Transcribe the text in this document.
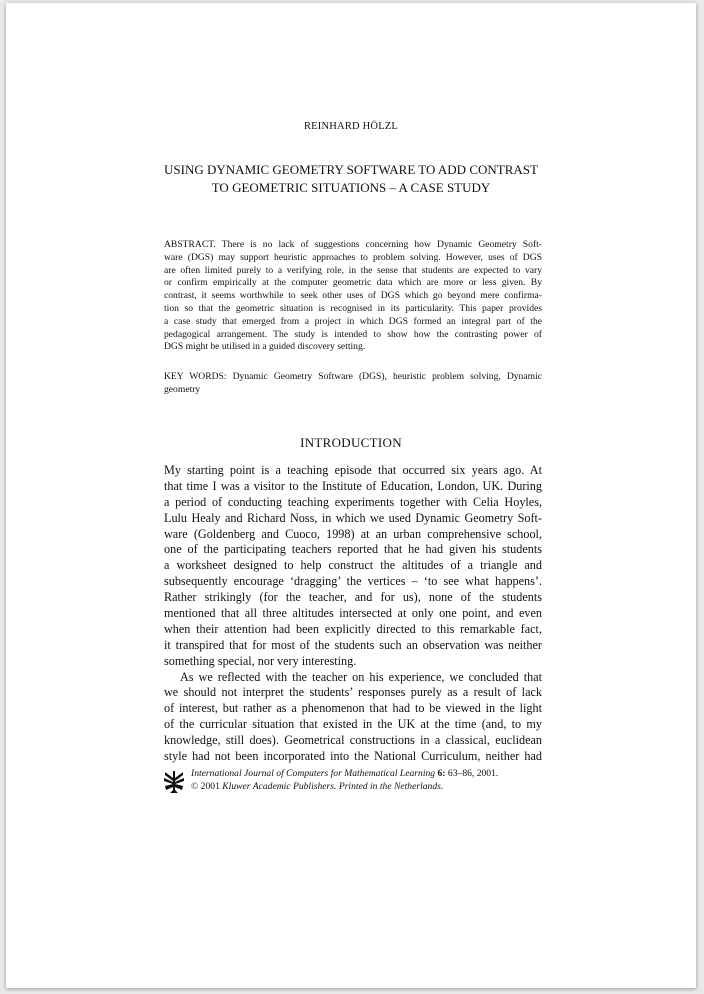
REINHARD HÖLZL
USING DYNAMIC GEOMETRY SOFTWARE TO ADD CONTRAST
TO GEOMETRIC SITUATIONS – A CASE STUDY
ABSTRACT. There is no lack of suggestions concerning how Dynamic Geometry Soft-
ware (DGS) may support heuristic approaches to problem solving. However, uses of DGS
are often limited purely to a verifying role, in the sense that students are expected to vary
or confirm empirically at the computer geometric data which are more or less given. By
contrast, it seems worthwhile to seek other uses of DGS which go beyond mere confirma-
tion so that the geometric situation is recognised in its particularity. This paper provides
a case study that emerged from a project in which DGS formed an integral part of the
pedagogical arrangement. The study is intended to show how the contrasting power of
DGS might be utilised in a guided discovery setting.
KEY WORDS: Dynamic Geometry Software (DGS), heuristic problem solving, Dynamic
geometry
INTRODUCTION
My starting point is a teaching episode that occurred six years ago. At
that time I was a visitor to the Institute of Education, London, UK. During
a period of conducting teaching experiments together with Celia Hoyles,
Lulu Healy and Richard Noss, in which we used Dynamic Geometry Soft-
ware (Goldenberg and Cuoco, 1998) at an urban comprehensive school,
one of the participating teachers reported that he had given his students
a worksheet designed to help construct the altitudes of a triangle and
subsequently encourage ‘dragging’ the vertices – ‘to see what happens’.
Rather strikingly (for the teacher, and for us), none of the students
mentioned that all three altitudes intersected at only one point, and even
when their attention had been explicitly directed to this remarkable fact,
it transpired that for most of the students such an observation was neither
something special, nor very interesting.
As we reflected with the teacher on his experience, we concluded that
we should not interpret the students’ responses purely as a result of lack
of interest, but rather as a phenomenon that had to be viewed in the light
of the curricular situation that existed in the UK at the time (and, to my
knowledge, still does). Geometrical constructions in a classical, euclidean
style had not been incorporated into the National Curriculum, neither had
International Journal of Computers for Mathematical Learning 6: 63–86, 2001.
© 2001 Kluwer Academic Publishers. Printed in the Netherlands.
